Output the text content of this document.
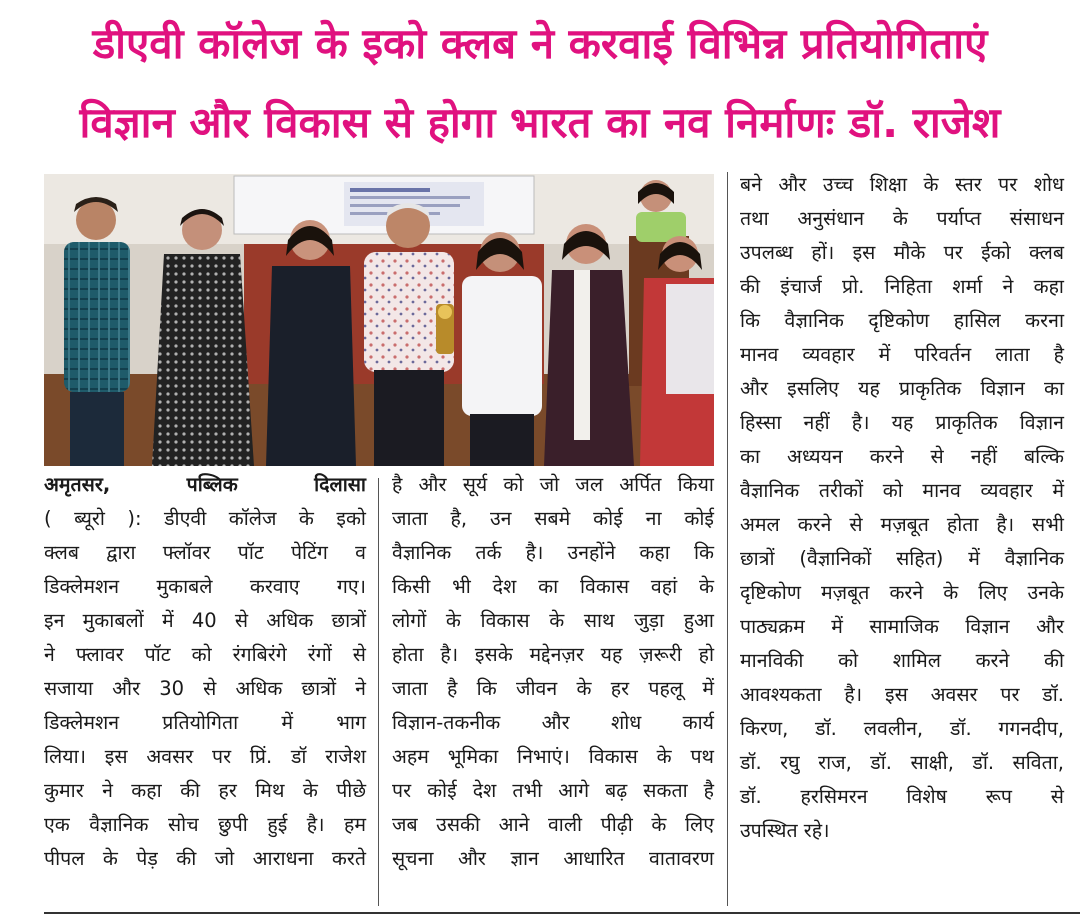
डीएवी कॉलेज के इको क्लब ने करवाई विभिन्न प्रतियोगिताएं
विज्ञान और विकास से होगा भारत का नव निर्माणः डॉ. राजेश

अमृतसर, पब्लिक दिलासा

( ब्यूरो ): डीएवी कॉलेज के इको

क्लब द्वारा फ्लॉवर पॉट पेटिंग व

डिक्लेमशन मुकाबले करवाए गए।

इन मुकाबलों में 40 से अधिक छात्रों

ने फ्लावर पॉट को रंगबिरंगे रंगों से

सजाया और 30 से अधिक छात्रों ने

डिक्लेमशन प्रतियोगिता में भाग

लिया। इस अवसर पर प्रिं. डॉ राजेश

कुमार ने कहा की हर मिथ के पीछे

एक वैज्ञानिक सोच छुपी हुई है। हम

पीपल के पेड़ की जो आराधना करते

है और सूर्य को जो जल अर्पित किया

जाता है, उन सबमे कोई ना कोई

वैज्ञानिक तर्क है। उनहोंने कहा कि

किसी भी देश का विकास वहां के

लोगों के विकास के साथ जुड़ा हुआ

होता है। इसके मद्देनज़र यह ज़रूरी हो

जाता है कि जीवन के हर पहलू में

विज्ञान-तकनीक और शोध कार्य

अहम भूमिका निभाएं। विकास के पथ

पर कोई देश तभी आगे बढ़ सकता है

जब उसकी आने वाली पीढ़ी के लिए

सूचना और ज्ञान आधारित वातावरण

बने और उच्च शिक्षा के स्तर पर शोध

तथा अनुसंधान के पर्याप्त संसाधन

उपलब्ध हों। इस मौके पर ईको क्लब

की इंचार्ज प्रो. निहिता शर्मा ने कहा

कि वैज्ञानिक दृष्टिकोण हासिल करना

मानव व्यवहार में परिवर्तन लाता है

और इसलिए यह प्राकृतिक विज्ञान का

हिस्सा नहीं है। यह प्राकृतिक विज्ञान

का अध्ययन करने से नहीं बल्कि

वैज्ञानिक तरीकों को मानव व्यवहार में

अमल करने से मज़बूत होता है। सभी

छात्रों (वैज्ञानिकों सहित) में वैज्ञानिक

दृष्टिकोण मज़बूत करने के लिए उनके

पाठ्यक्रम में सामाजिक विज्ञान और

मानविकी को शामिल करने की

आवश्यकता है। इस अवसर पर डॉ.

किरण, डॉ. लवलीन, डॉ. गगनदीप,

डॉ. रघु राज, डॉ. साक्षी, डॉ. सविता,

डॉ. हरसिमरन विशेष रूप से

उपस्थित रहे।
